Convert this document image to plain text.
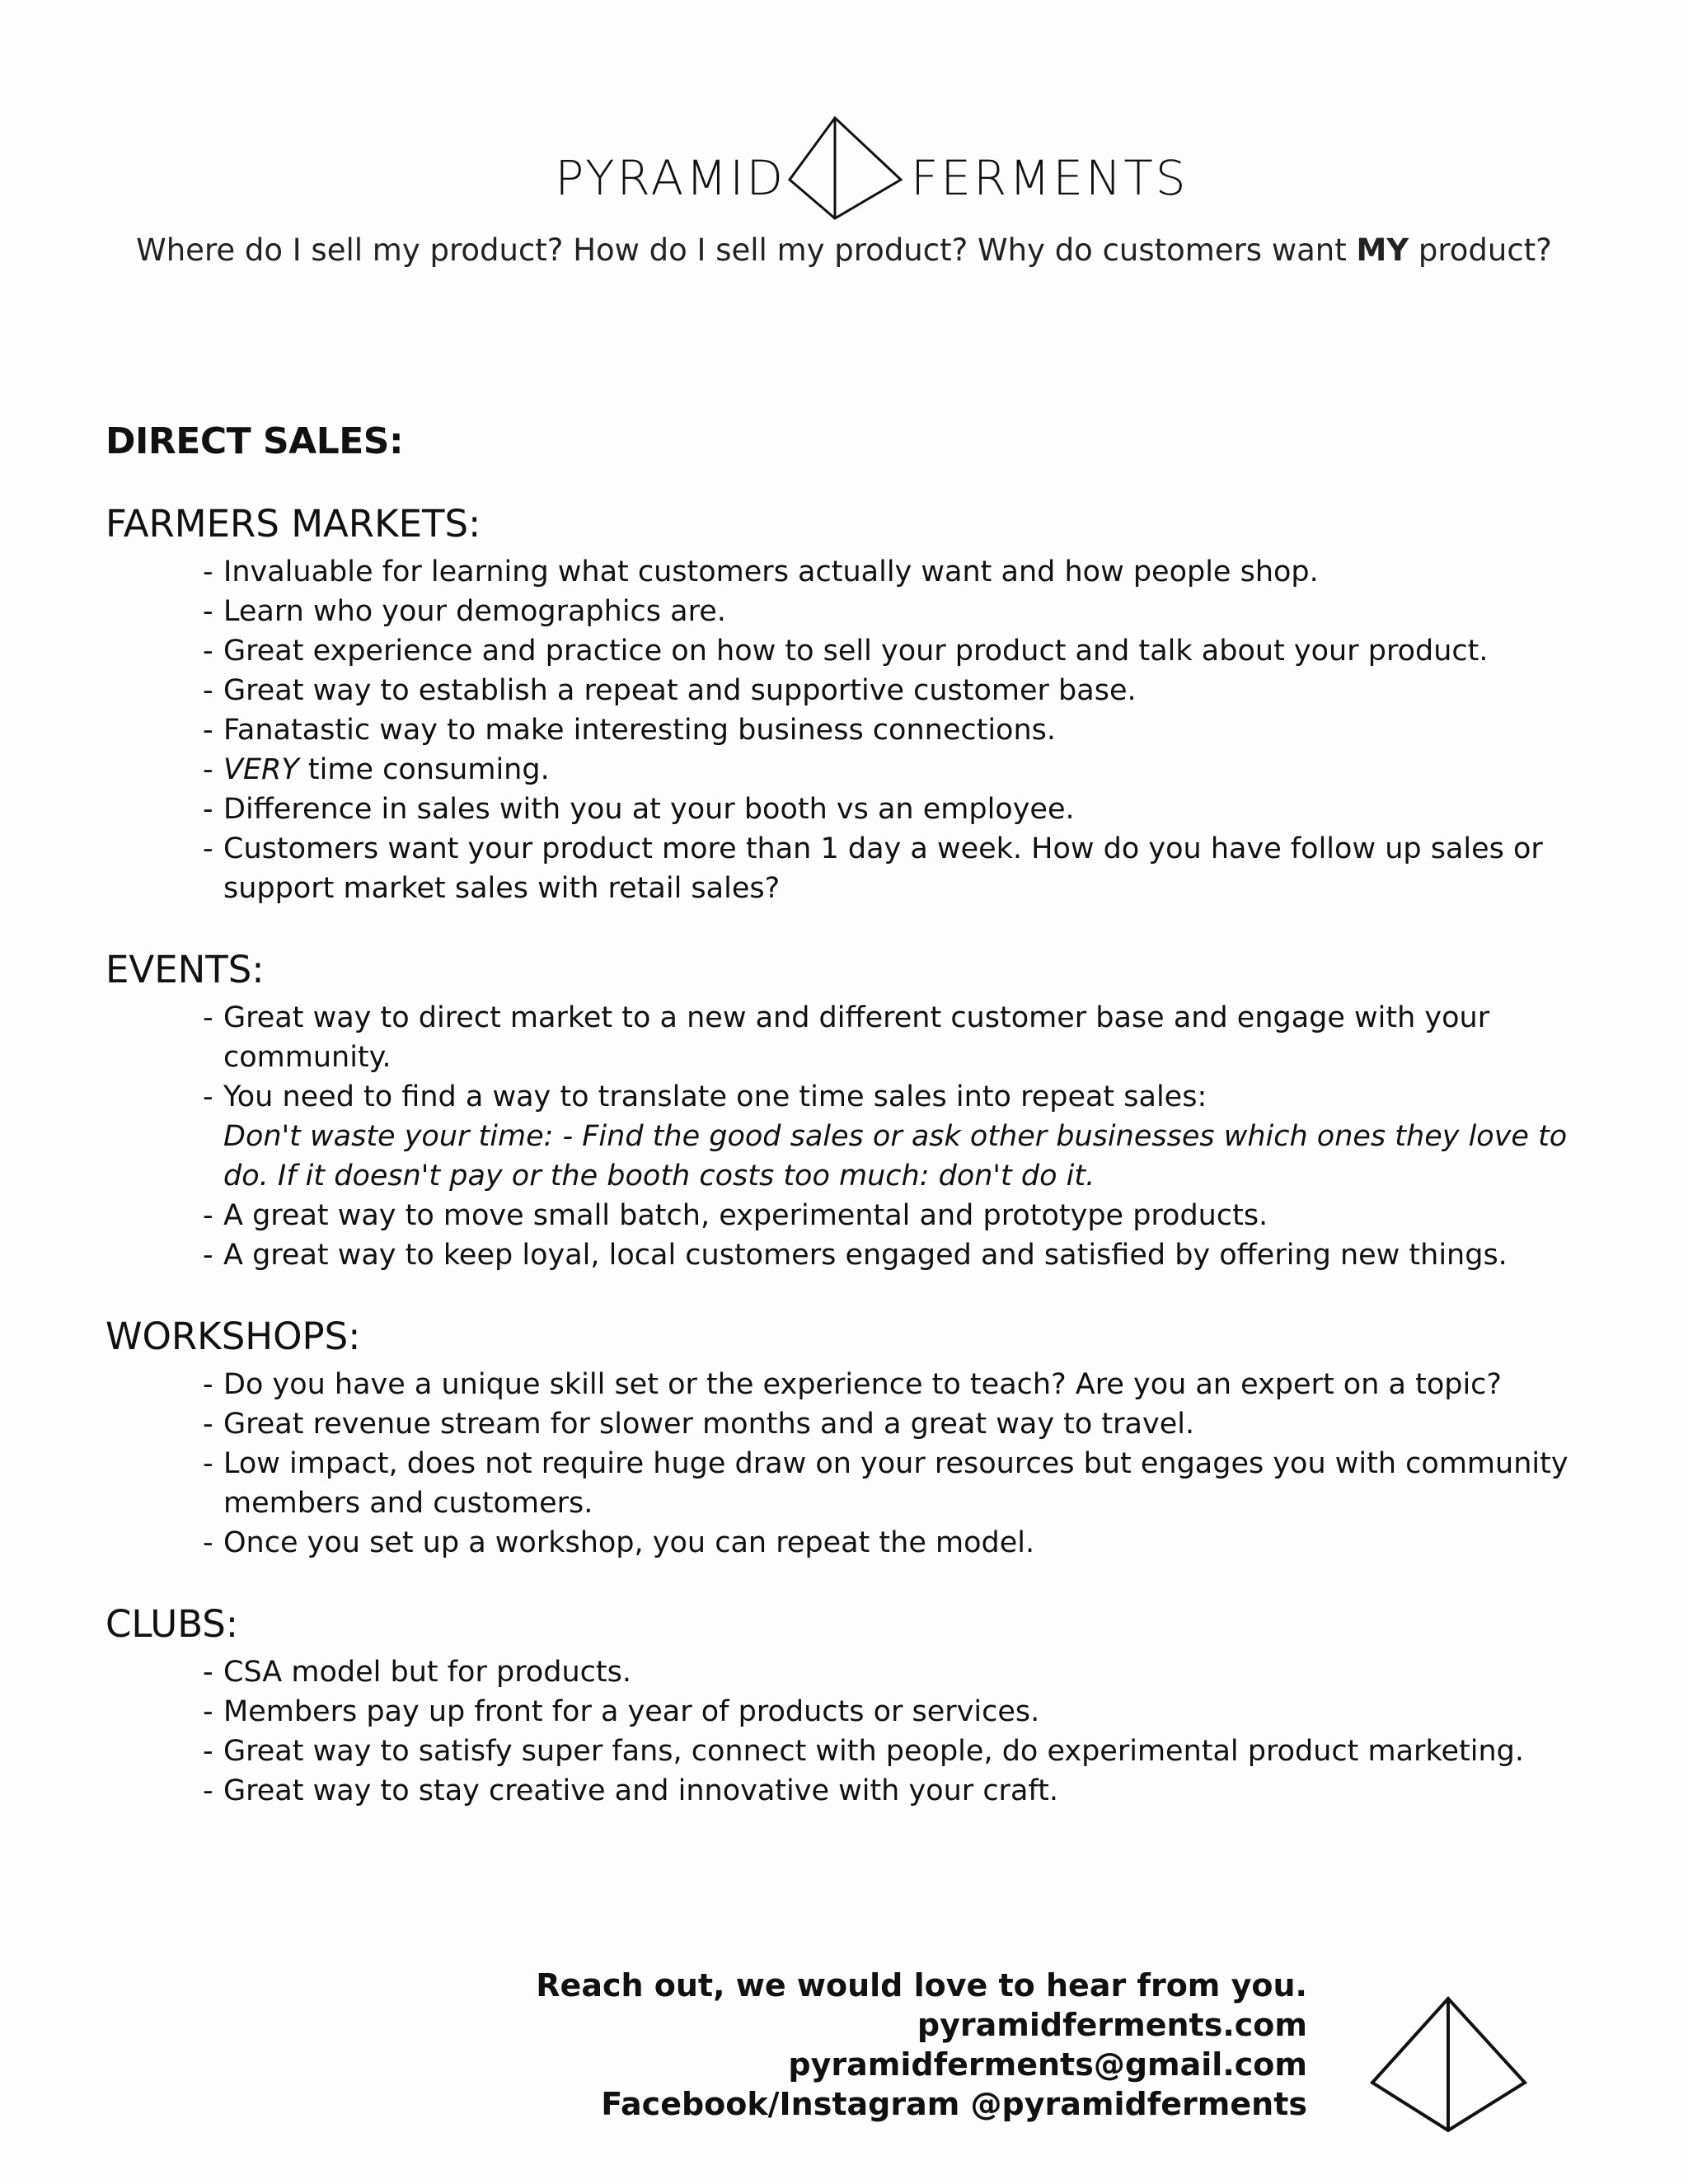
PYRAMID	FERMENTS
Where do I sell my product? How do I sell my product? Why do customers want MY product?
DIRECT SALES:
FARMERS MARKETS:
- Invaluable for learning what customers actually want and how people shop.
- Learn who your demographics are.
- Great experience and practice on how to sell your product and talk about your product.
- Great way to establish a repeat and supportive customer base.
- Fanatastic way to make interesting business connections.
- VERY time consuming.
- Difference in sales with you at your booth vs an employee.
- Customers want your product more than 1 day a week. How do you have follow up sales or support market sales with retail sales?
EVENTS:
- Great way to direct market to a new and different customer base and engage with your community.
- You need to find a way to translate one time sales into repeat sales:
Don't waste your time: - Find the good sales or ask other businesses which ones they love to do. If it doesn't pay or the booth costs too much: don't do it.
- A great way to move small batch, experimental and prototype products.
- A great way to keep loyal, local customers engaged and satisfied by offering new things.
WORKSHOPS:
- Do you have a unique skill set or the experience to teach? Are you an expert on a topic?
- Great revenue stream for slower months and a great way to travel.
- Low impact, does not require huge draw on your resources but engages you with community members and customers.
- Once you set up a workshop, you can repeat the model.
CLUBS:
- CSA model but for products.
- Members pay up front for a year of products or services.
- Great way to satisfy super fans, connect with people, do experimental product marketing.
- Great way to stay creative and innovative with your craft.
Reach out, we would love to hear from you.
pyramidferments.com
pyramidferments@gmail.com
Facebook/Instagram @pyramidferments
